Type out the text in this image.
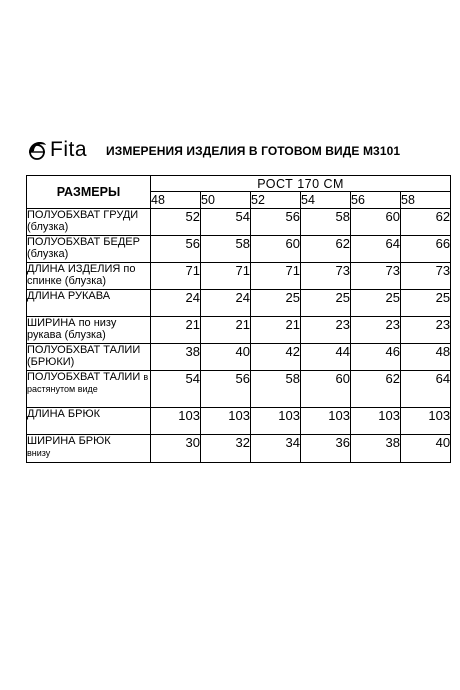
Fita ИЗМЕРЕНИЯ ИЗДЕЛИЯ В ГОТОВОМ ВИДЕ М3101
РАЗМЕРЫ	РОСТ 170 СМ					
	48	50	52	54	56	58
ПОЛУОБХВАТ ГРУДИ (блузка)	52	54	56	58	60	62
ПОЛУОБХВАТ БЕДЕР (блузка)	56	58	60	62	64	66
ДЛИНА ИЗДЕЛИЯ по спинке (блузка)	71	71	71	73	73	73
ДЛИНА РУКАВА	24	24	25	25	25	25
ШИРИНА по низу рукава (блузка)	21	21	21	23	23	23
ПОЛУОБХВАТ ТАЛИИ (БРЮКИ)	38	40	42	44	46	48
ПОЛУОБХВАТ ТАЛИИ в растянутом виде	54	56	58	60	62	64
ДЛИНА БРЮК	103	103	103	103	103	103
ШИРИНА БРЮК
внизу	30	32	34	36	38	40
